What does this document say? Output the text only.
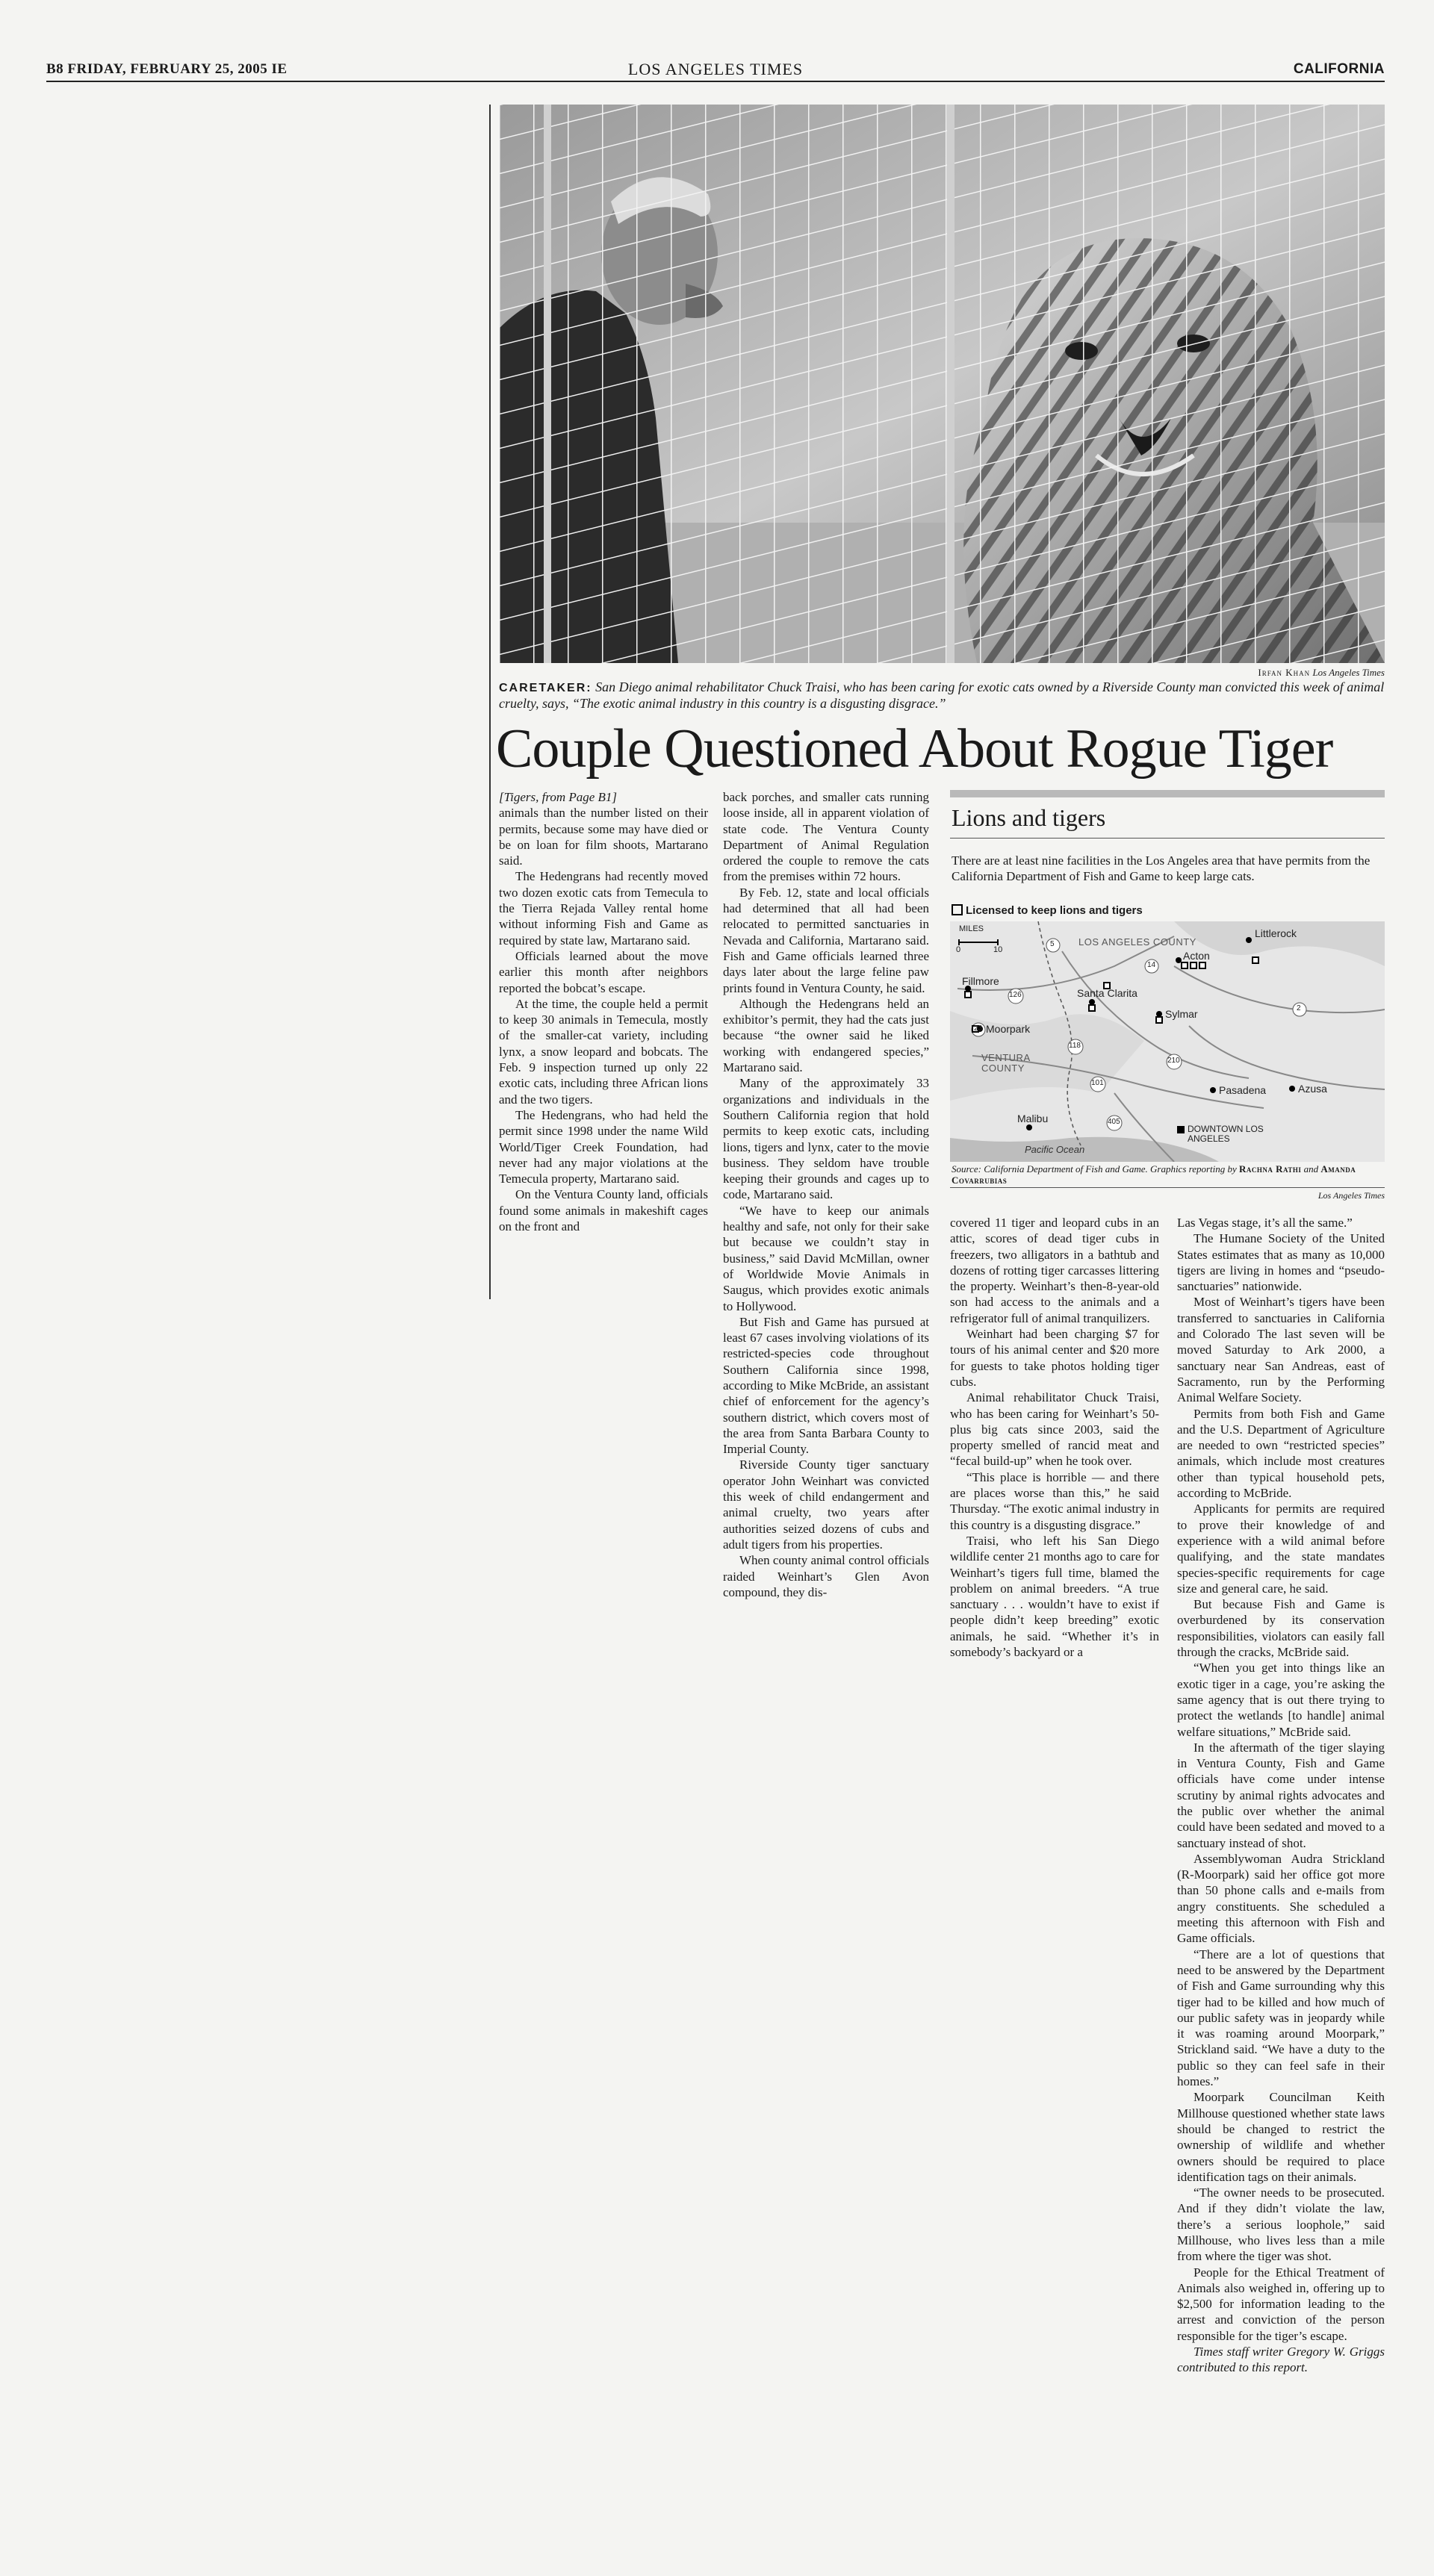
B8 FRIDAY, FEBRUARY 25, 2005 IE	LOS ANGELES TIMES	CALIFORNIA
Irfan Khan Los Angeles Times
CARETAKER: San Diego animal rehabilitator Chuck Traisi, who has been caring for exotic cats owned by a Riverside County man convicted this week of animal cruelty, says, “The exotic animal industry in this country is a disgusting disgrace.”
Couple Questioned About Rogue Tiger

[Tigers, from Page B1]

animals than the number listed on their permits, because some may have died or be on loan for film shoots, Martarano said.

The Hedengrans had recently moved two dozen exotic cats from Temecula to the Tierra Rejada Valley rental home without informing Fish and Game as required by state law, Martarano said.

Officials learned about the move earlier this month after neighbors reported the bobcat’s escape.

At the time, the couple held a permit to keep 30 animals in Temecula, mostly of the smaller-cat variety, including lynx, a snow leopard and bobcats. The Feb. 9 inspection turned up only 22 exotic cats, including three African lions and the two tigers.

The Hedengrans, who had held the permit since 1998 under the name Wild World/Tiger Creek Foundation, had never had any major violations at the Temecula property, Martarano said.

On the Ventura County land, officials found some animals in makeshift cages on the front and

back porches, and smaller cats running loose inside, all in apparent violation of state code. The Ventura County Department of Animal Regulation ordered the couple to remove the cats from the premises within 72 hours.

By Feb. 12, state and local officials had determined that all had been relocated to permitted sanctuaries in Nevada and California, Martarano said. Fish and Game officials learned three days later about the large feline paw prints found in Ventura County, he said.

Although the Hedengrans held an exhibitor’s permit, they had the cats just because “the owner said he liked working with endangered species,” Martarano said.

Many of the approximately 33 organizations and individuals in the Southern California region that hold permits to keep exotic cats, including lions, tigers and lynx, cater to the movie business. They seldom have trouble keeping their grounds and cages up to code, Martarano said.

“We have to keep our animals healthy and safe, not only for their sake but because we couldn’t stay in business,” said David McMillan, owner of Worldwide Movie Animals in Saugus, which provides exotic animals to Hollywood.

But Fish and Game has pursued at least 67 cases involving violations of its restricted-species code throughout Southern California since 1998, according to Mike McBride, an assistant chief of enforcement for the agency’s southern district, which covers most of the area from Santa Barbara County to Imperial County.

Riverside County tiger sanctuary operator John Weinhart was convicted this week of child endangerment and animal cruelty, two years after authorities seized dozens of cubs and adult tigers from his properties.

When county animal control officials raided Weinhart’s Glen Avon compound, they dis-

covered 11 tiger and leopard cubs in an attic, scores of dead tiger cubs in freezers, two alligators in a bathtub and dozens of rotting tiger carcasses littering the property. Weinhart’s then-8-year-old son had access to the animals and a refrigerator full of animal tranquilizers.

Weinhart had been charging $7 for tours of his animal center and $20 more for guests to take photos holding tiger cubs.

Animal rehabilitator Chuck Traisi, who has been caring for Weinhart’s 50-plus big cats since 2003, said the property smelled of rancid meat and “fecal build-up” when he took over.

“This place is horrible — and there are places worse than this,” he said Thursday. “The exotic animal industry in this country is a disgusting disgrace.”

Traisi, who left his San Diego wildlife center 21 months ago to care for Weinhart’s tigers full time, blamed the problem on animal breeders. “A true sanctuary . . . wouldn’t have to exist if people didn’t keep breeding” exotic animals, he said. “Whether it’s in somebody’s backyard or a

Las Vegas stage, it’s all the same.”

The Humane Society of the United States estimates that as many as 10,000 tigers are living in homes and “pseudo-sanctuaries” nationwide.

Most of Weinhart’s tigers have been transferred to sanctuaries in California and Colorado The last seven will be moved Saturday to Ark 2000, a sanctuary near San Andreas, east of Sacramento, run by the Performing Animal Welfare Society.

Permits from both Fish and Game and the U.S. Department of Agriculture are needed to own “restricted species” animals, which include most creatures other than typical household pets, according to McBride.

Applicants for permits are required to prove their knowledge of and experience with a wild animal before qualifying, and the state mandates species-specific requirements for cage size and general care, he said.

But because Fish and Game is overburdened by its conservation responsibilities, violators can easily fall through the cracks, McBride said.

“When you get into things like an exotic tiger in a cage, you’re asking the same agency that is out there trying to protect the wetlands [to handle] animal welfare situations,” McBride said.

In the aftermath of the tiger slaying in Ventura County, Fish and Game officials have come under intense scrutiny by animal rights advocates and the public over whether the animal could have been sedated and moved to a sanctuary instead of shot.

Assemblywoman Audra Strickland (R-Moorpark) said her office got more than 50 phone calls and e-mails from angry constituents. She scheduled a meeting this afternoon with Fish and Game officials.

“There are a lot of questions that need to be answered by the Department of Fish and Game surrounding why this tiger had to be killed and how much of our public safety was in jeopardy while it was roaming around Moorpark,” Strickland said. “We have a duty to the public so they can feel safe in their homes.”

Moorpark Councilman Keith Millhouse questioned whether state laws should be changed to restrict the ownership of wildlife and whether owners should be required to place identification tags on their animals.

“The owner needs to be prosecuted. And if they didn’t violate the law, there’s a serious loophole,” said Millhouse, who lives less than a mile from where the tiger was shot.

People for the Ethical Treatment of Animals also weighed in, offering up to $2,500 for information leading to the arrest and conviction of the person responsible for the tiger’s escape.

Times staff writer Gregory W. Griggs contributed to this report.

Lions and tigers
There are at least nine facilities in the Los Angeles area that have permits from the California Department of Fish and Game to keep large cats.
Licensed to keep lions and tigers
MILES
0	10
LOS ANGELES COUNTY
VENTURA COUNTY
Littlerock
Acton
Fillmore
Santa Clarita
Sylmar
Moorpark
Pasadena	Azusa
Malibu
DOWNTOWN LOS ANGELES
Pacific Ocean
5
14
126
23
118
210
2
101
405
Source: California Department of Fish and Game. Graphics reporting by Rachna Rathi and Amanda Covarrubias
Los Angeles Times
